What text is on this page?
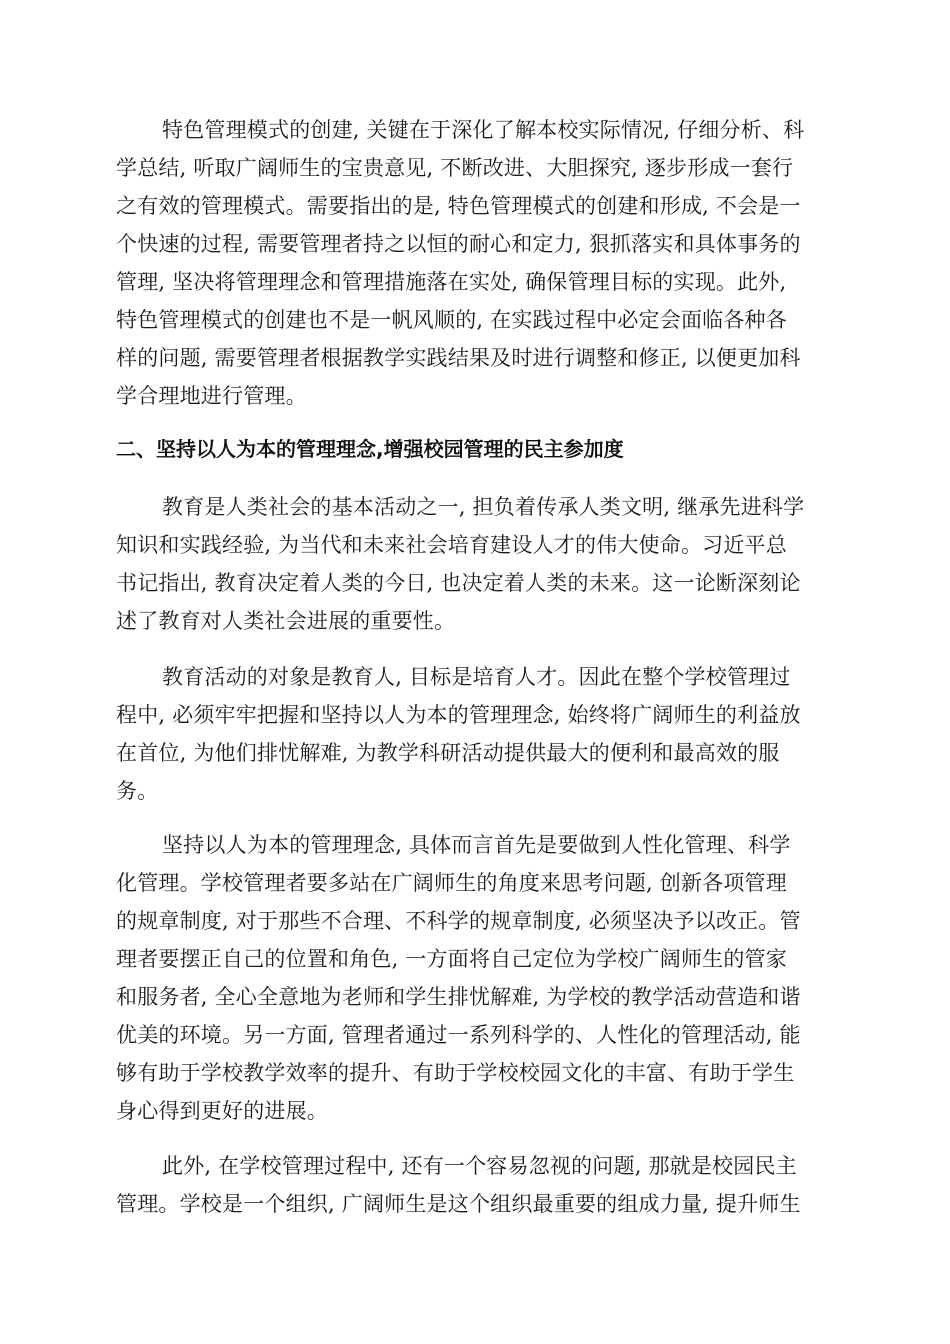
特色管理模式的创建, 关键在于深化了解本校实际情况, 仔细分析、科
学总结, 听取广阔师生的宝贵意见, 不断改进、大胆探究, 逐步形成一套行
之有效的管理模式。需要指出的是, 特色管理模式的创建和形成, 不会是一
个快速的过程, 需要管理者持之以恒的耐心和定力, 狠抓落实和具体事务的
管理, 坚决将管理理念和管理措施落在实处, 确保管理目标的实现。此外,
特色管理模式的创建也不是一帆风顺的, 在实践过程中必定会面临各种各
样的问题, 需要管理者根据教学实践结果及时进行调整和修正, 以便更加科
学合理地进行管理。
二、坚持以人为本的管理理念,增强校园管理的民主参加度
教育是人类社会的基本活动之一, 担负着传承人类文明, 继承先进科学
知识和实践经验, 为当代和未来社会培育建设人才的伟大使命。习近平总
书记指出, 教育决定着人类的今日, 也决定着人类的未来。这一论断深刻论
述了教育对人类社会进展的重要性。
教育活动的对象是教育人, 目标是培育人才。因此在整个学校管理过
程中, 必须牢牢把握和坚持以人为本的管理理念, 始终将广阔师生的利益放
在首位, 为他们排忧解难, 为教学科研活动提供最大的便利和最高效的服
务。
坚持以人为本的管理理念, 具体而言首先是要做到人性化管理、科学
化管理。学校管理者要多站在广阔师生的角度来思考问题, 创新各项管理
的规章制度, 对于那些不合理、不科学的规章制度, 必须坚决予以改正。管
理者要摆正自己的位置和角色, 一方面将自己定位为学校广阔师生的管家
和服务者, 全心全意地为老师和学生排忧解难, 为学校的教学活动营造和谐
优美的环境。另一方面, 管理者通过一系列科学的、人性化的管理活动, 能
够有助于学校教学效率的提升、有助于学校校园文化的丰富、有助于学生
身心得到更好的进展。
此外, 在学校管理过程中, 还有一个容易忽视的问题, 那就是校园民主
管理。学校是一个组织, 广阔师生是这个组织最重要的组成力量, 提升师生
